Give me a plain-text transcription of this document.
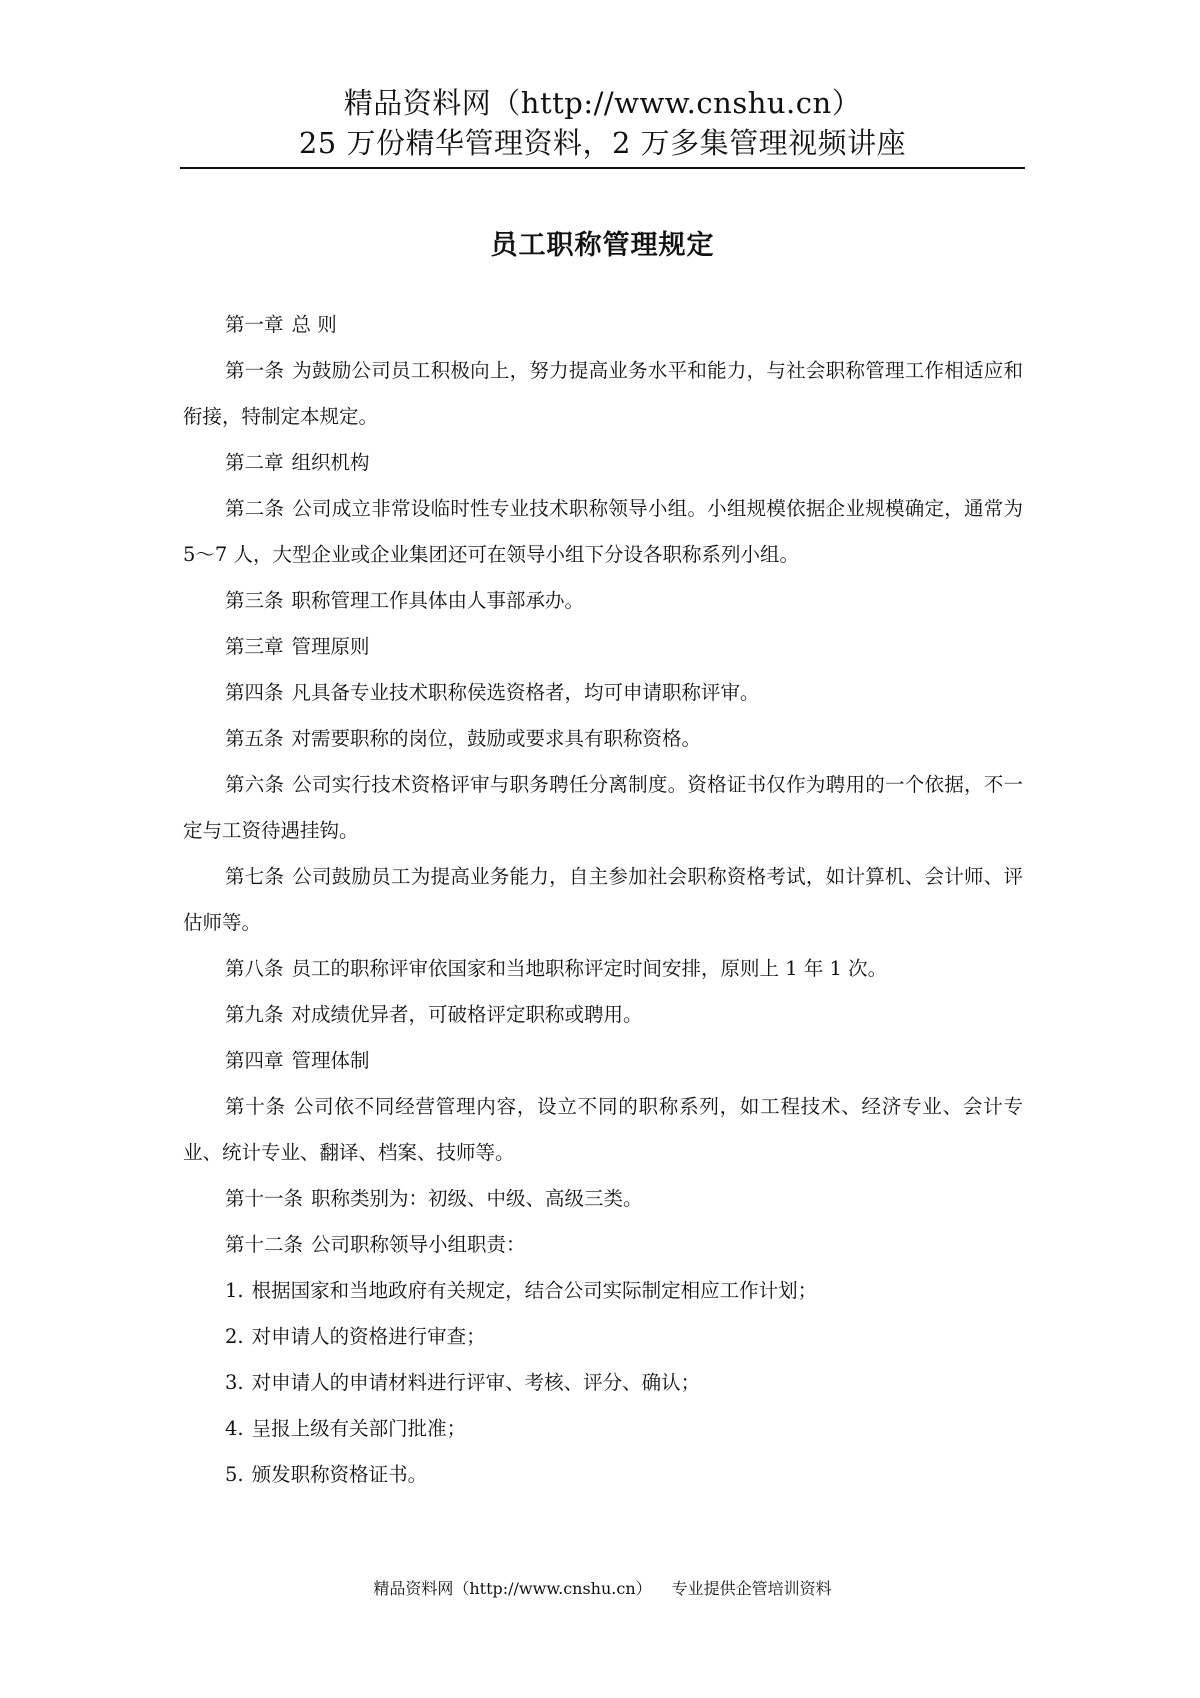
精品资料网（http://www.cnshu.cn）
25 万份精华管理资料，2 万多集管理视频讲座
员工职称管理规定

第一章 总 则

第一条 为鼓励公司员工积极向上，努力提高业务水平和能力，与社会职称管理工作相适应和衔接，特制定本规定。

第二章 组织机构

第二条 公司成立非常设临时性专业技术职称领导小组。小组规模依据企业规模确定，通常为 5～7 人，大型企业或企业集团还可在领导小组下分设各职称系列小组。

第三条 职称管理工作具体由人事部承办。

第三章 管理原则

第四条 凡具备专业技术职称侯选资格者，均可申请职称评审。

第五条 对需要职称的岗位，鼓励或要求具有职称资格。

第六条 公司实行技术资格评审与职务聘任分离制度。资格证书仅作为聘用的一个依据，不一定与工资待遇挂钩。

第七条 公司鼓励员工为提高业务能力，自主参加社会职称资格考试，如计算机、会计师、评估师等。

第八条 员工的职称评审依国家和当地职称评定时间安排，原则上 1 年 1 次。

第九条 对成绩优异者，可破格评定职称或聘用。

第四章 管理体制

第十条 公司依不同经营管理内容，设立不同的职称系列，如工程技术、经济专业、会计专业、统计专业、翻译、档案、技师等。

第十一条 职称类别为：初级、中级、高级三类。

第十二条 公司职称领导小组职责：

1. 根据国家和当地政府有关规定，结合公司实际制定相应工作计划；

2. 对申请人的资格进行审查；

3. 对申请人的申请材料进行评审、考核、评分、确认；

4. 呈报上级有关部门批准；

5. 颁发职称资格证书。

精品资料网（http://www.cnshu.cn） 专业提供企管培训资料
